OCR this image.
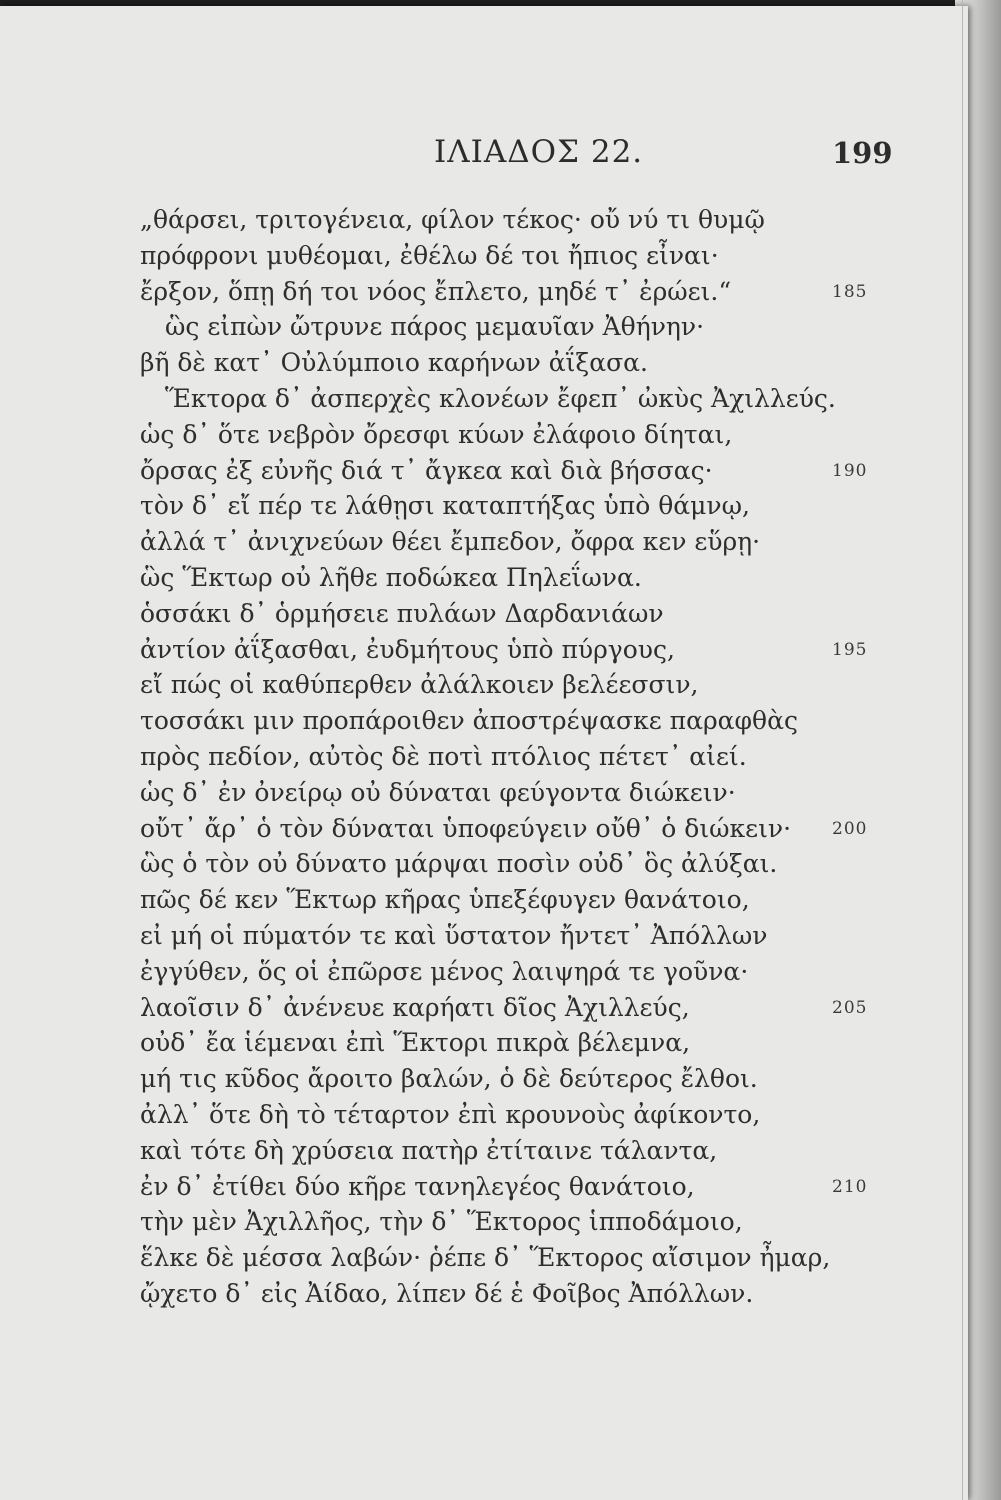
ΙΛΙΑΔΟΣ 22.	199
„θάρσει, τριτογένεια, φίλον τέκος· οὔ νύ τι θυμῷ
πρόφρονι μυθέομαι, ἐθέλω δέ τοι ἤπιος εἶναι·
ἔρξον, ὅπῃ δή τοι νόος ἔπλετο, μηδέ τ᾽ ἐρώει.“
ὣς εἰπὼν ὤτρυνε πάρος μεμαυῖαν Ἀθήνην·
βῆ δὲ κατ᾽ Οὐλύμποιο καρήνων ἀΐξασα.
Ἕκτορα δ᾽ ἀσπερχὲς κλονέων ἔφεπ᾽ ὠκὺς Ἀχιλλεύς.
ὡς δ᾽ ὅτε νεβρὸν ὄρεσφι κύων ἐλάφοιο δίηται,
ὄρσας ἐξ εὐνῆς διά τ᾽ ἄγκεα καὶ διὰ βήσσας·
τὸν δ᾽ εἴ πέρ τε λάθῃσι καταπτήξας ὑπὸ θάμνῳ,
ἀλλά τ᾽ ἀνιχνεύων θέει ἔμπεδον, ὄφρα κεν εὕρῃ·
ὣς Ἕκτωρ οὐ λῆθε ποδώκεα Πηλεΐωνα.
ὁσσάκι δ᾽ ὁρμήσειε πυλάων Δαρδανιάων
ἀντίον ἀΐξασθαι, ἐυδμήτους ὑπὸ πύργους,
εἴ πώς οἱ καθύπερθεν ἀλάλκοιεν βελέεσσιν,
τοσσάκι μιν προπάροιθεν ἀποστρέψασκε παραφθὰς
πρὸς πεδίον, αὐτὸς δὲ ποτὶ πτόλιος πέτετ᾽ αἰεί.
ὡς δ᾽ ἐν ὀνείρῳ οὐ δύναται φεύγοντα διώκειν·
οὔτ᾽ ἄρ᾽ ὁ τὸν δύναται ὑποφεύγειν οὔθ᾽ ὁ διώκειν·
ὣς ὁ τὸν οὐ δύνατο μάρψαι ποσὶν οὐδ᾽ ὃς ἀλύξαι.
πῶς δέ κεν Ἕκτωρ κῆρας ὑπεξέφυγεν θανάτοιο,
εἰ μή οἱ πύματόν τε καὶ ὕστατον ἤντετ᾽ Ἀπόλλων
ἐγγύθεν, ὅς οἱ ἐπῶρσε μένος λαιψηρά τε γοῦνα·
λαοῖσιν δ᾽ ἀνένευε καρήατι δῖος Ἀχιλλεύς,
οὐδ᾽ ἔα ἱέμεναι ἐπὶ Ἕκτορι πικρὰ βέλεμνα,
μή τις κῦδος ἄροιτο βαλών, ὁ δὲ δεύτερος ἔλθοι.
ἀλλ᾽ ὅτε δὴ τὸ τέταρτον ἐπὶ κρουνοὺς ἀφίκοντο,
καὶ τότε δὴ χρύσεια πατὴρ ἐτίταινε τάλαντα,
ἐν δ᾽ ἐτίθει δύο κῆρε τανηλεγέος θανάτοιο,
τὴν μὲν Ἀχιλλῆος, τὴν δ᾽ Ἕκτορος ἱπποδάμοιο,
ἕλκε δὲ μέσσα λαβών· ῥέπε δ᾽ Ἕκτορος αἴσιμον ἦμαρ,
ᾤχετο δ᾽ εἰς Ἀίδαο, λίπεν δέ ἑ Φοῖβος Ἀπόλλων.
185
190
195
200
205
210
